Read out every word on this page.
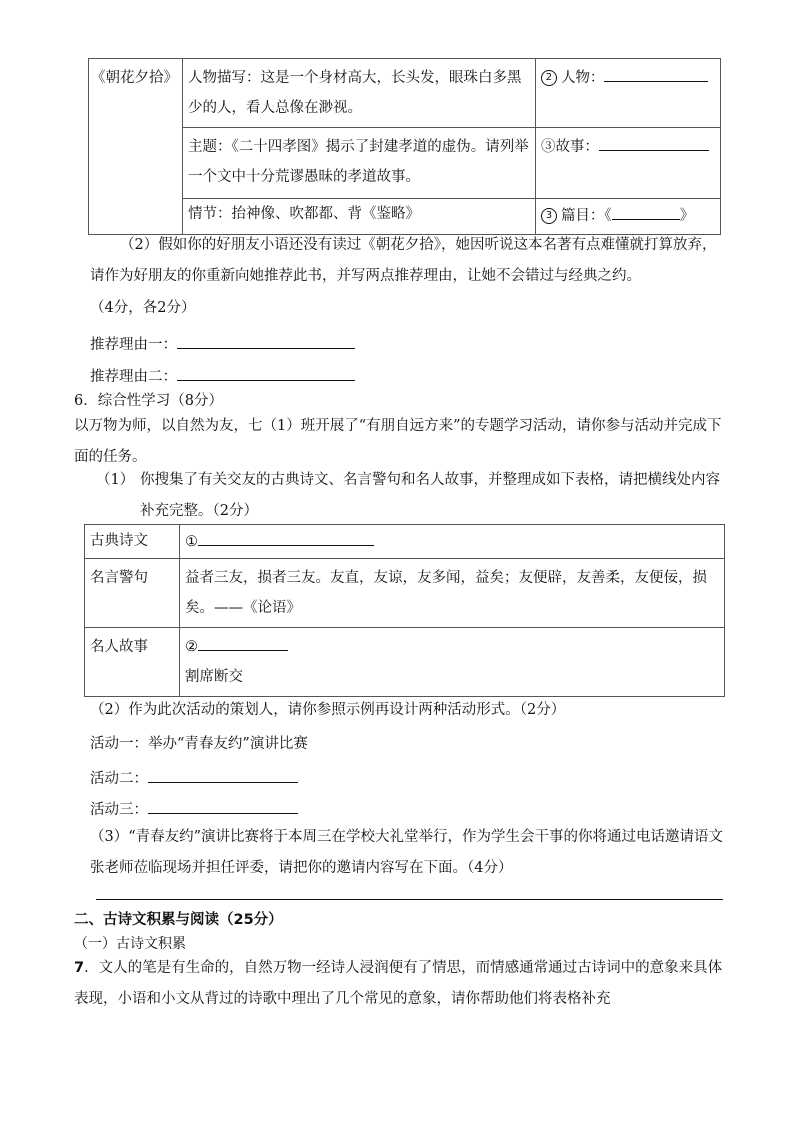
《朝花夕拾》	人物描写：这是一个身材高大，长头发，眼珠白多黑少的人，看人总像在渺视。	2 人物：
	主题：《二十四孝图》揭示了封建孝道的虚伪。请列举一个文中十分荒谬愚昧的孝道故事。	③故事：
	情节：抬神像、吹都都、背《鉴略》	3 篇目：《 》
（2）假如你的好朋友小语还没有读过《朝花夕拾》，她因听说这本名著有点难懂就打算放弃，请作为好朋友的你重新向她推荐此书，并写两点推荐理由，让她不会错过与经典之约。
（4分，各2分）
推荐理由一：
推荐理由二：
6．综合性学习（8分）
以万物为师，以自然为友，七（1）班开展了“有朋自远方来”的专题学习活动，请你参与活动并完成下面的任务。
（1） 你搜集了有关交友的古典诗文、名言警句和名人故事，并整理成如下表格，请把横线处内容补充完整。（2分）
古典诗文	①
名言警句	益者三友，损者三友。友直，友谅，友多闻，益矣；友便辟，友善柔，友便佞，损矣。——《论语》
名人故事	②
割席断交
（2）作为此次活动的策划人，请你参照示例再设计两种活动形式。（2分）
活动一：举办“青春友约”演讲比赛
活动二：
活动三：
（3）“青春友约”演讲比赛将于本周三在学校大礼堂举行，作为学生会干事的你将通过电话邀请语文张老师莅临现场并担任评委，请把你的邀请内容写在下面。（4分）
二、古诗文积累与阅读（25分）
（一）古诗文积累
7．文人的笔是有生命的，自然万物一经诗人浸润便有了情思，而情感通常通过古诗词中的意象来具体表现，小语和小文从背过的诗歌中理出了几个常见的意象，请你帮助他们将表格补充
